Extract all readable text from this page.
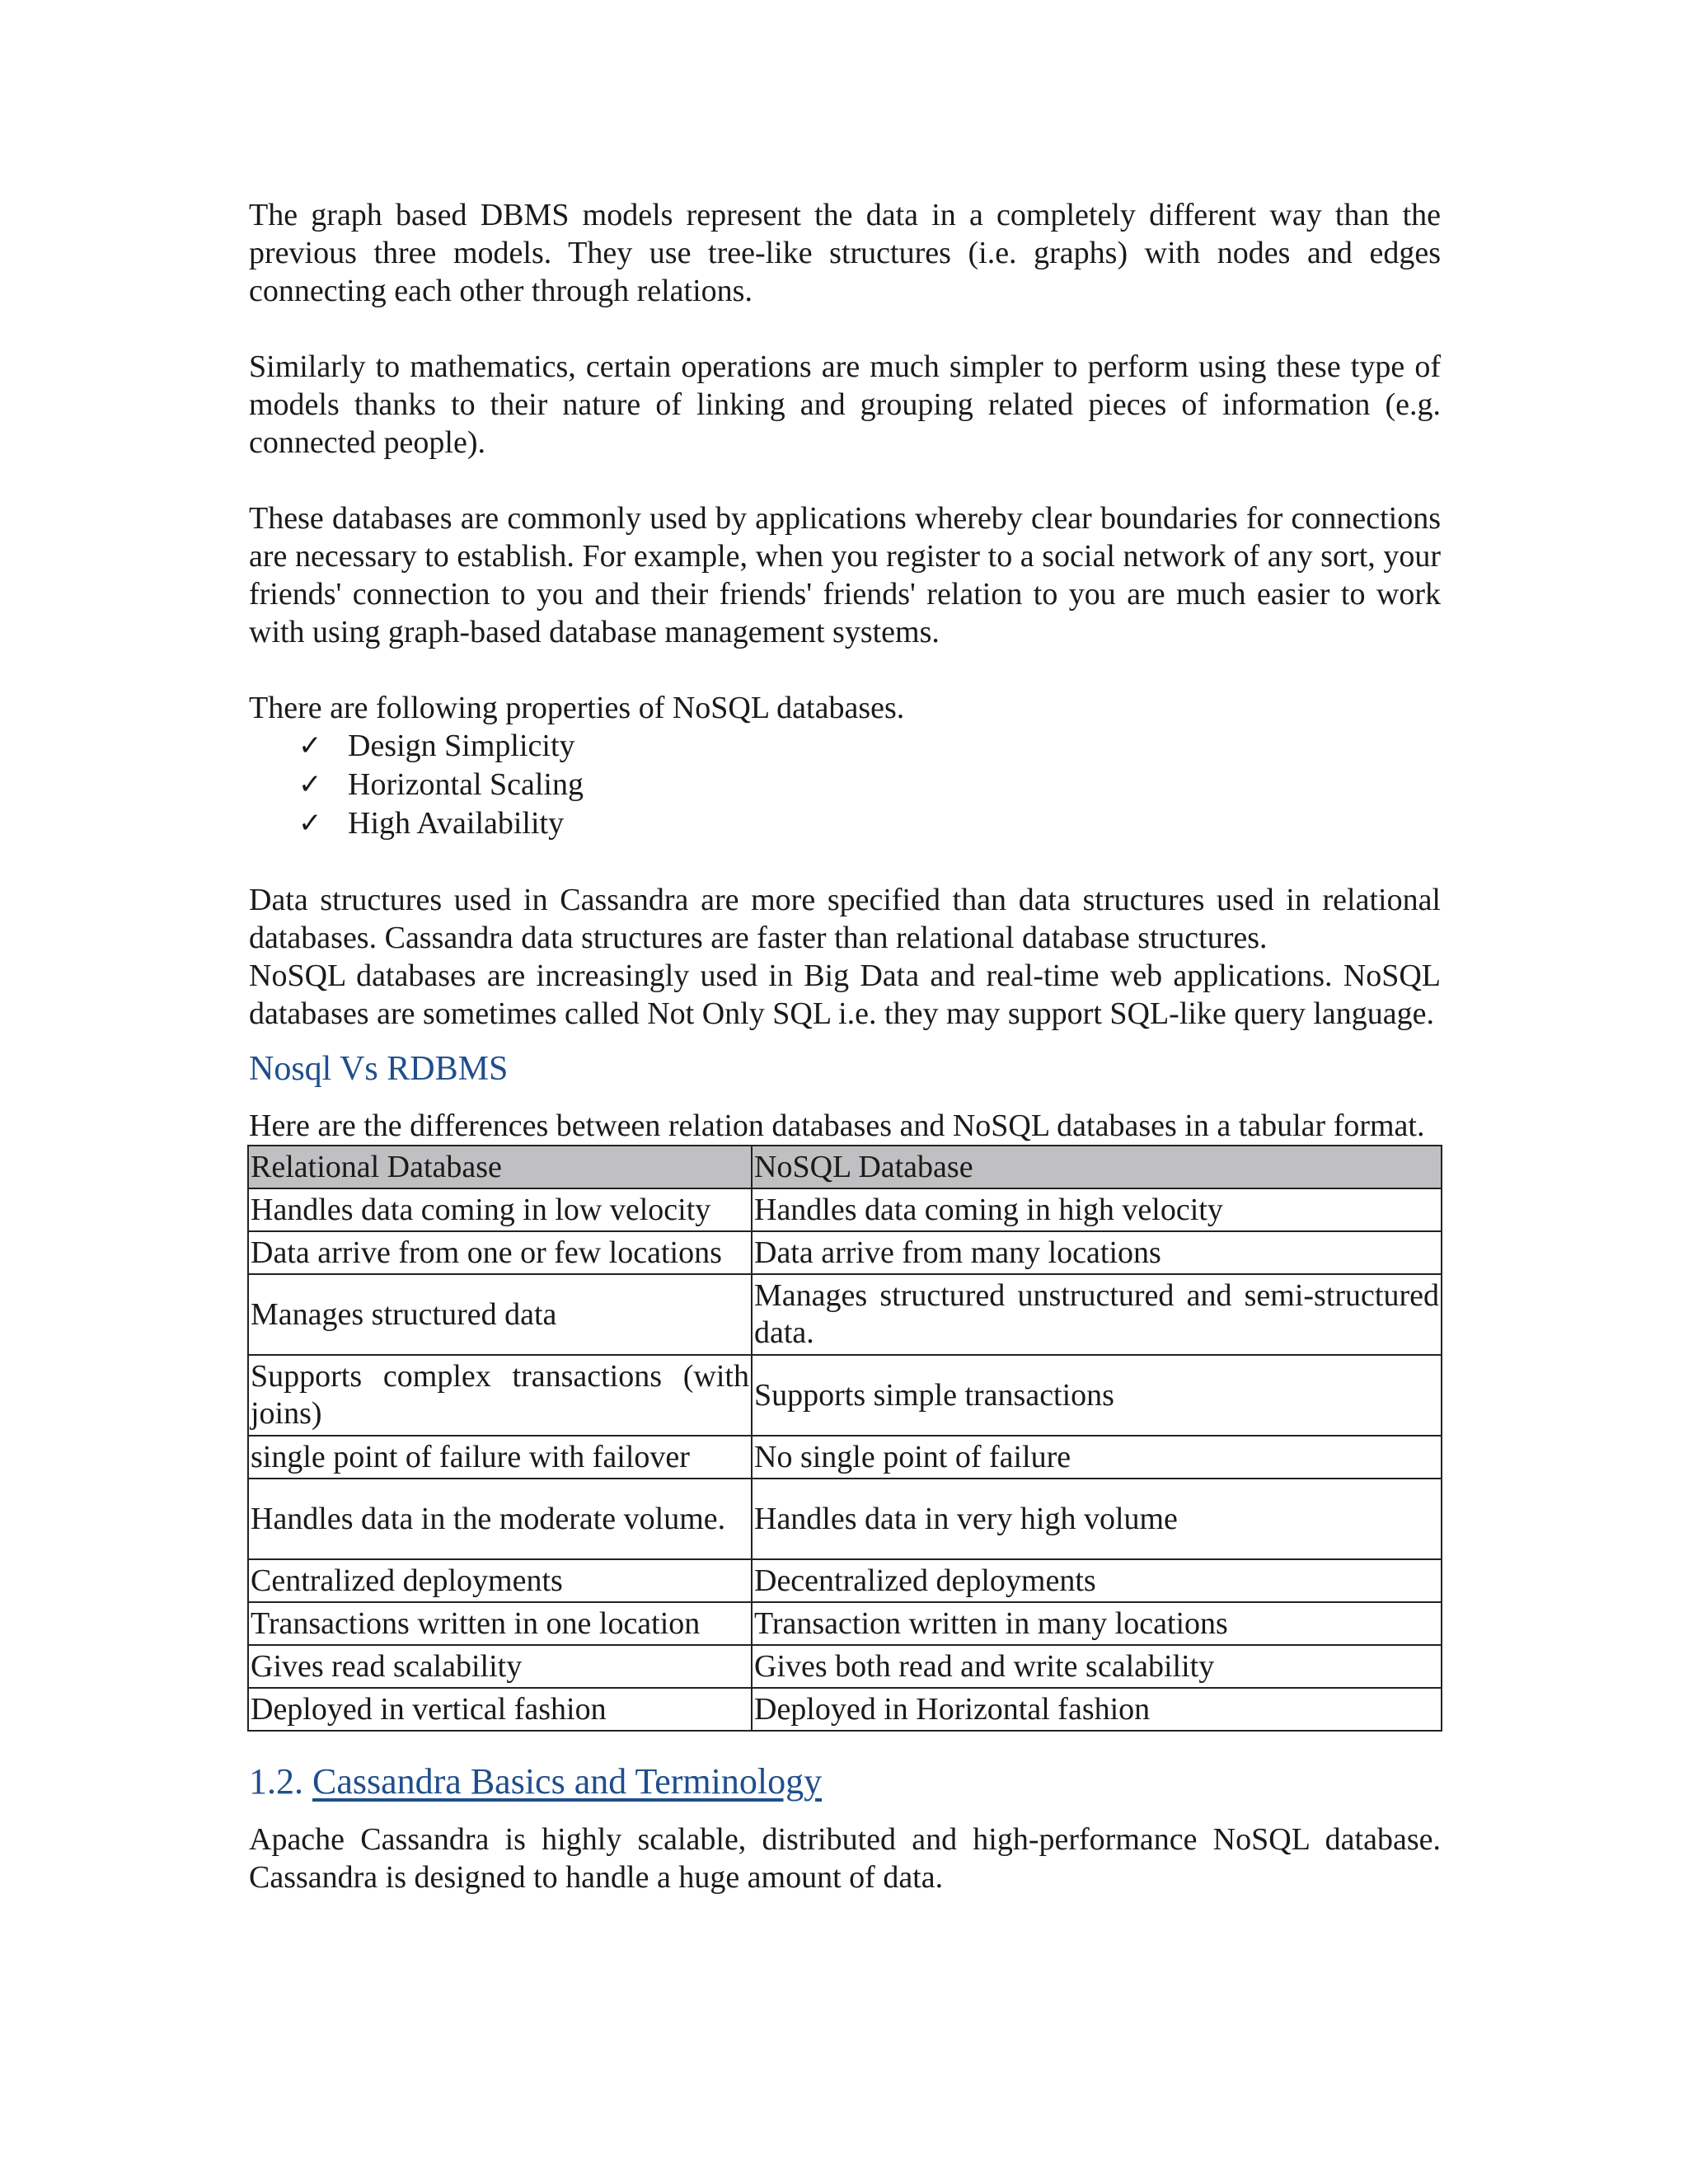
The graph based DBMS models represent the data in a completely different way than the previous three models. They use tree-like structures (i.e. graphs) with nodes and edges connecting each other through relations.

Similarly to mathematics, certain operations are much simpler to perform using these type of models thanks to their nature of linking and grouping related pieces of information (e.g. connected people).

These databases are commonly used by applications whereby clear boundaries for connections are necessary to establish. For example, when you register to a social network of any sort, your friends' connection to you and their friends' friends' relation to you are much easier to work with using graph-based database management systems.

There are following properties of NoSQL databases.

✓ Design Simplicity
✓ Horizontal Scaling
✓ High Availability

Data structures used in Cassandra are more specified than data structures used in relational databases. Cassandra data structures are faster than relational database structures.

NoSQL databases are increasingly used in Big Data and real-time web applications. NoSQL databases are sometimes called Not Only SQL i.e. they may support SQL-like query language.

Nosql Vs RDBMS

Here are the differences between relation databases and NoSQL databases in a tabular format.

Relational Database	NoSQL Database
Handles data coming in low velocity	Handles data coming in high velocity
Data arrive from one or few locations	Data arrive from many locations
Manages structured data	Manages structured unstructured and semi-structured data.
Supports complex transactions (with joins)	Supports simple transactions
single point of failure with failover	No single point of failure
Handles data in the moderate volume.	Handles data in very high volume
Centralized deployments	Decentralized deployments
Transactions written in one location	Transaction written in many locations
Gives read scalability	Gives both read and write scalability
Deployed in vertical fashion	Deployed in Horizontal fashion
1.2. Cassandra Basics and Terminology

Apache Cassandra is highly scalable, distributed and high-performance NoSQL database. Cassandra is designed to handle a huge amount of data.
